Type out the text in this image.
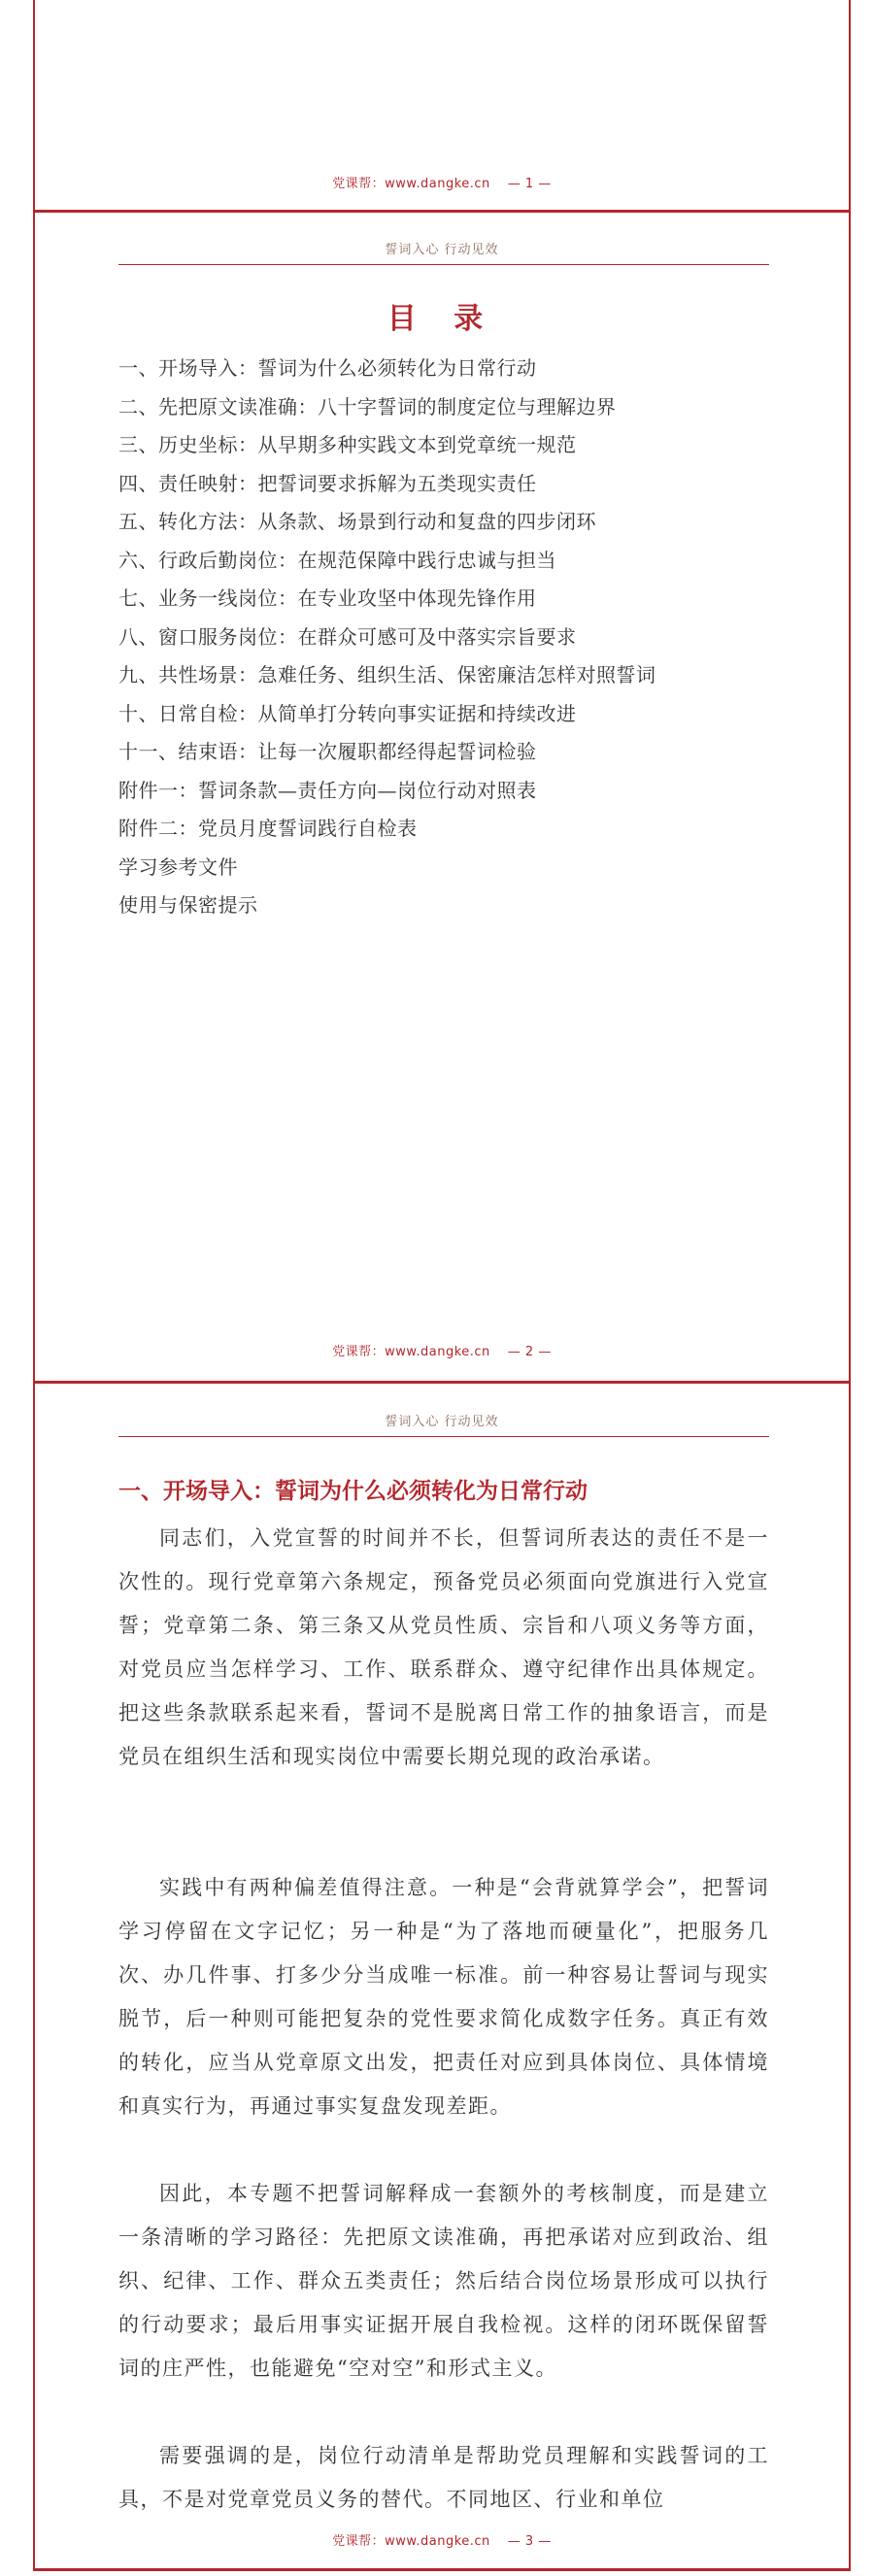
党课帮：www.dangke.cn — 1 —
誓词入心 行动见效
目 录
一、开场导入：誓词为什么必须转化为日常行动
二、先把原文读准确：八十字誓词的制度定位与理解边界
三、历史坐标：从早期多种实践文本到党章统一规范
四、责任映射：把誓词要求拆解为五类现实责任
五、转化方法：从条款、场景到行动和复盘的四步闭环
六、行政后勤岗位：在规范保障中践行忠诚与担当
七、业务一线岗位：在专业攻坚中体现先锋作用
八、窗口服务岗位：在群众可感可及中落实宗旨要求
九、共性场景：急难任务、组织生活、保密廉洁怎样对照誓词
十、日常自检：从简单打分转向事实证据和持续改进
十一、结束语：让每一次履职都经得起誓词检验
附件一：誓词条款—责任方向—岗位行动对照表
附件二：党员月度誓词践行自检表
学习参考文件
使用与保密提示
党课帮：www.dangke.cn — 2 —
誓词入心 行动见效
一、开场导入：誓词为什么必须转化为日常行动

同志们，入党宣誓的时间并不长，但誓词所表达的责任不是一次性的。现行党章第六条规定，预备党员必须面向党旗进行入党宣誓；党章第二条、第三条又从党员性质、宗旨和八项义务等方面，对党员应当怎样学习、工作、联系群众、遵守纪律作出具体规定。把这些条款联系起来看，誓词不是脱离日常工作的抽象语言，而是党员在组织生活和现实岗位中需要长期兑现的政治承诺。

实践中有两种偏差值得注意。一种是“会背就算学会”，把誓词学习停留在文字记忆；另一种是“为了落地而硬量化”，把服务几次、办几件事、打多少分当成唯一标准。前一种容易让誓词与现实脱节，后一种则可能把复杂的党性要求简化成数字任务。真正有效的转化，应当从党章原文出发，把责任对应到具体岗位、具体情境和真实行为，再通过事实复盘发现差距。

因此，本专题不把誓词解释成一套额外的考核制度，而是建立一条清晰的学习路径：先把原文读准确，再把承诺对应到政治、组织、纪律、工作、群众五类责任；然后结合岗位场景形成可以执行的行动要求；最后用事实证据开展自我检视。这样的闭环既保留誓词的庄严性，也能避免“空对空”和形式主义。

需要强调的是，岗位行动清单是帮助党员理解和实践誓词的工具，不是对党章党员义务的替代。不同地区、行业和单位

党课帮：www.dangke.cn — 3 —
